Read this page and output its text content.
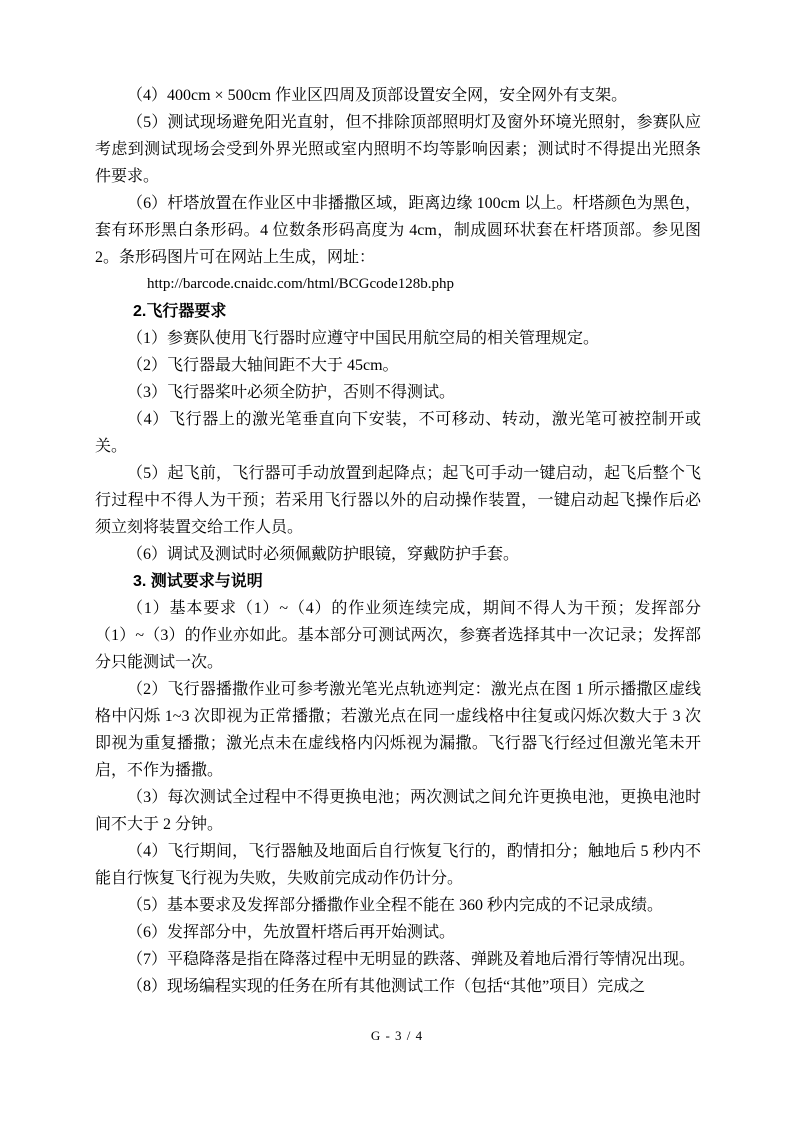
（4）400cm × 500cm 作业区四周及顶部设置安全网，安全网外有支架。
（5）测试现场避免阳光直射，但不排除顶部照明灯及窗外环境光照射，参赛队应考虑到测试现场会受到外界光照或室内照明不均等影响因素；测试时不得提出光照条件要求。
（6）杆塔放置在作业区中非播撒区域，距离边缘 100cm 以上。杆塔颜色为黑色，套有环形黑白条形码。4 位数条形码高度为 4cm，制成圆环状套在杆塔顶部。参见图 2。条形码图片可在网站上生成，网址：
http://barcode.cnaidc.com/html/BCGcode128b.php
2.飞行器要求
（1）参赛队使用飞行器时应遵守中国民用航空局的相关管理规定。
（2）飞行器最大轴间距不大于 45cm。
（3）飞行器桨叶必须全防护，否则不得测试。
（4）飞行器上的激光笔垂直向下安装，不可移动、转动，激光笔可被控制开或关。
（5）起飞前，飞行器可手动放置到起降点；起飞可手动一键启动，起飞后整个飞行过程中不得人为干预；若采用飞行器以外的启动操作装置，一键启动起飞操作后必须立刻将装置交给工作人员。
（6）调试及测试时必须佩戴防护眼镜，穿戴防护手套。
3. 测试要求与说明
（1）基本要求（1）~（4）的作业须连续完成，期间不得人为干预；发挥部分（1）~（3）的作业亦如此。基本部分可测试两次，参赛者选择其中一次记录；发挥部分只能测试一次。
（2）飞行器播撒作业可参考激光笔光点轨迹判定：激光点在图 1 所示播撒区虚线格中闪烁 1~3 次即视为正常播撒；若激光点在同一虚线格中往复或闪烁次数大于 3 次即视为重复播撒；激光点未在虚线格内闪烁视为漏撒。飞行器飞行经过但激光笔未开启，不作为播撒。
（3）每次测试全过程中不得更换电池；两次测试之间允许更换电池，更换电池时间不大于 2 分钟。
（4）飞行期间，飞行器触及地面后自行恢复飞行的，酌情扣分；触地后 5 秒内不能自行恢复飞行视为失败，失败前完成动作仍计分。
（5）基本要求及发挥部分播撒作业全程不能在 360 秒内完成的不记录成绩。
（6）发挥部分中，先放置杆塔后再开始测试。
（7）平稳降落是指在降落过程中无明显的跌落、弹跳及着地后滑行等情况出现。
（8）现场编程实现的任务在所有其他测试工作（包括“其他”项目）完成之
G - 3 / 4
